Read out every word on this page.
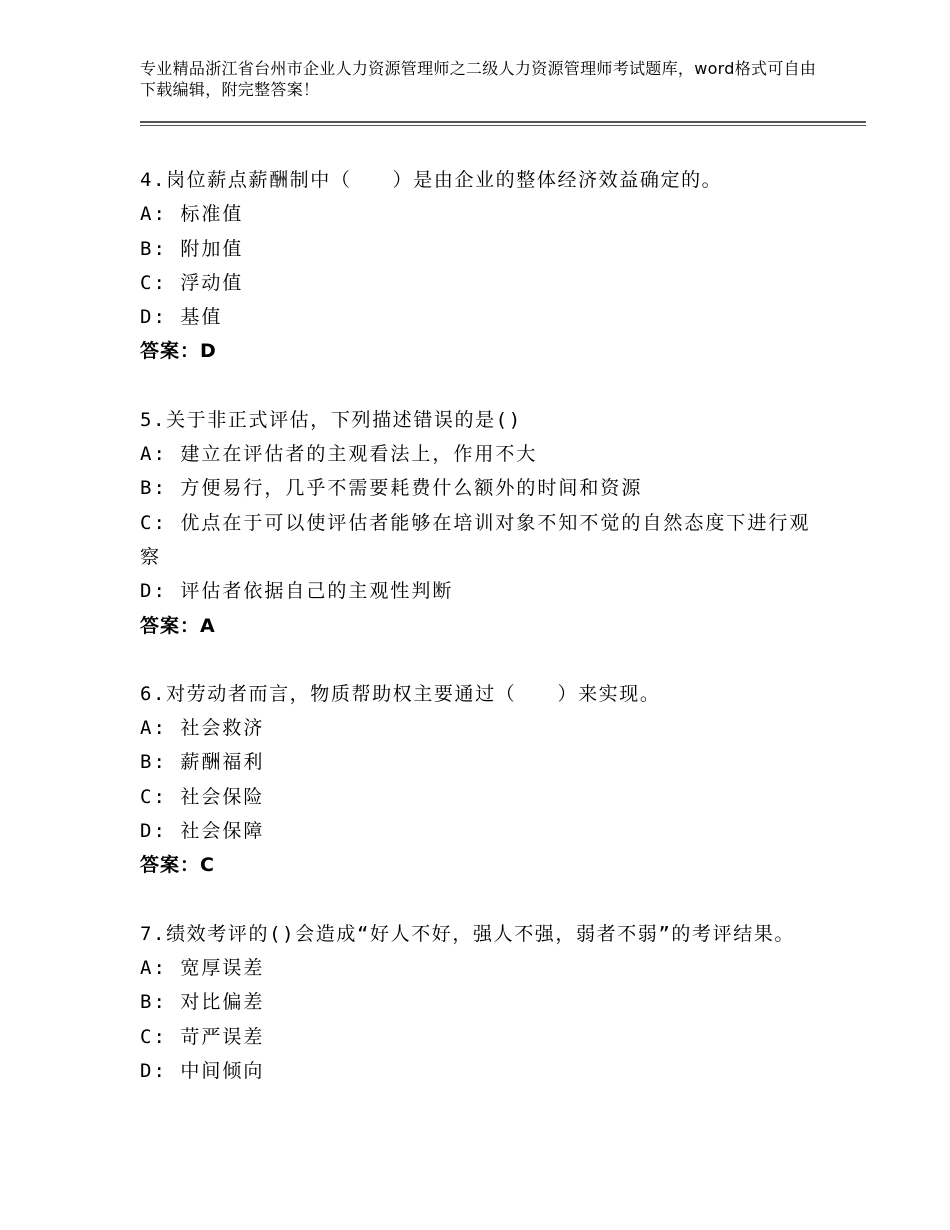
专业精品浙江省台州市企业人力资源管理师之二级人力资源管理师考试题库，word格式可自由下载编辑，附完整答案！
4.岗位薪点薪酬制中（　　）是由企业的整体经济效益确定的。
A: 标准值
B: 附加值
C: 浮动值
D: 基值
答案：D
5.关于非正式评估，下列描述错误的是()
A: 建立在评估者的主观看法上，作用不大
B: 方便易行，几乎不需要耗费什么额外的时间和资源
C: 优点在于可以使评估者能够在培训对象不知不觉的自然态度下进行观察
D: 评估者依据自己的主观性判断
答案：A
6.对劳动者而言，物质帮助权主要通过（　　）来实现。
A: 社会救济
B: 薪酬福利
C: 社会保险
D: 社会保障
答案：C
7.绩效考评的()会造成“好人不好，强人不强，弱者不弱”的考评结果。
A: 宽厚误差
B: 对比偏差
C: 苛严误差
D: 中间倾向
